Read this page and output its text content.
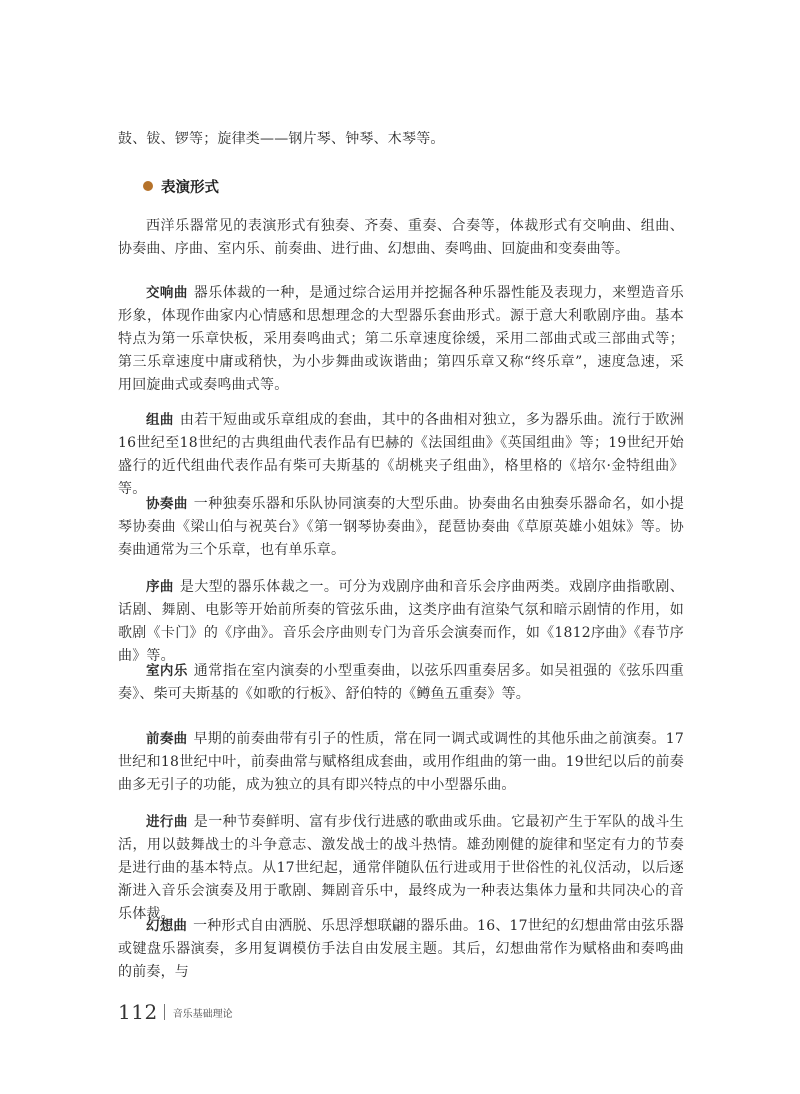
鼓、钹、锣等；旋律类——钢片琴、钟琴、木琴等。

表演形式

西洋乐器常见的表演形式有独奏、齐奏、重奏、合奏等，体裁形式有交响曲、组曲、协奏曲、序曲、室内乐、前奏曲、进行曲、幻想曲、奏鸣曲、回旋曲和变奏曲等。

交响曲 器乐体裁的一种，是通过综合运用并挖掘各种乐器性能及表现力，来塑造音乐形象，体现作曲家内心情感和思想理念的大型器乐套曲形式。源于意大利歌剧序曲。基本特点为第一乐章快板，采用奏鸣曲式；第二乐章速度徐缓，采用二部曲式或三部曲式等；第三乐章速度中庸或稍快，为小步舞曲或诙谐曲；第四乐章又称“终乐章”，速度急速，采用回旋曲式或奏鸣曲式等。

组曲 由若干短曲或乐章组成的套曲，其中的各曲相对独立，多为器乐曲。流行于欧洲16世纪至18世纪的古典组曲代表作品有巴赫的《法国组曲》《英国组曲》等；19世纪开始盛行的近代组曲代表作品有柴可夫斯基的《胡桃夹子组曲》，格里格的《培尔·金特组曲》等。

协奏曲 一种独奏乐器和乐队协同演奏的大型乐曲。协奏曲名由独奏乐器命名，如小提琴协奏曲《梁山伯与祝英台》《第一钢琴协奏曲》，琵琶协奏曲《草原英雄小姐妹》等。协奏曲通常为三个乐章，也有单乐章。

序曲 是大型的器乐体裁之一。可分为戏剧序曲和音乐会序曲两类。戏剧序曲指歌剧、话剧、舞剧、电影等开始前所奏的管弦乐曲，这类序曲有渲染气氛和暗示剧情的作用，如歌剧《卡门》的《序曲》。音乐会序曲则专门为音乐会演奏而作，如《1812序曲》《春节序曲》等。

室内乐 通常指在室内演奏的小型重奏曲，以弦乐四重奏居多。如吴祖强的《弦乐四重奏》、柴可夫斯基的《如歌的行板》、舒伯特的《鳟鱼五重奏》等。

前奏曲 早期的前奏曲带有引子的性质，常在同一调式或调性的其他乐曲之前演奏。17世纪和18世纪中叶，前奏曲常与赋格组成套曲，或用作组曲的第一曲。19世纪以后的前奏曲多无引子的功能，成为独立的具有即兴特点的中小型器乐曲。

进行曲 是一种节奏鲜明、富有步伐行进感的歌曲或乐曲。它最初产生于军队的战斗生活，用以鼓舞战士的斗争意志、激发战士的战斗热情。雄劲刚健的旋律和坚定有力的节奏是进行曲的基本特点。从17世纪起，通常伴随队伍行进或用于世俗性的礼仪活动，以后逐渐进入音乐会演奏及用于歌剧、舞剧音乐中，最终成为一种表达集体力量和共同决心的音乐体裁。

幻想曲 一种形式自由洒脱、乐思浮想联翩的器乐曲。16、17世纪的幻想曲常由弦乐器或键盘乐器演奏，多用复调模仿手法自由发展主题。其后，幻想曲常作为赋格曲和奏鸣曲的前奏，与

112 音乐基础理论
